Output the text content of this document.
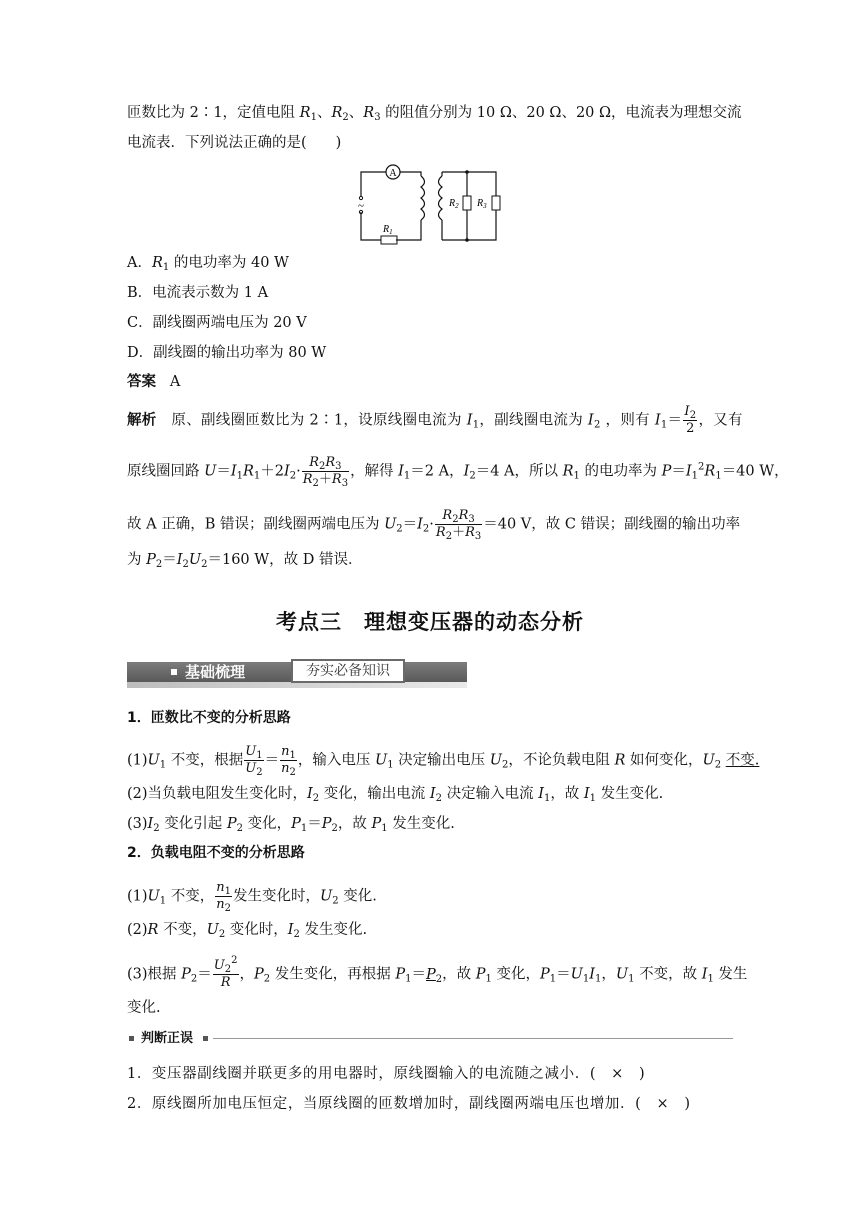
匝数比为 2∶1，定值电阻 $R_1$、$R_2$、$R_3$ 的阻值分别为 10 Ω、20 Ω、20 Ω，电流表为理想交流
电流表．下列说法正确的是(　　)
A
~
$R_1$
$R_2$ $R_3$
A．$R_1$ 的电功率为 40 W
B．电流表示数为 1 A
C．副线圈两端电压为 20 V
D．副线圈的输出功率为 80 W
答案 A
解析　原、副线圈匝数比为 2∶1，设原线圈电流为 $I_1$，副线圈电流为 $I_2$ ，则有 $I_1= \frac{I_2}{2}$ ，又有
原线圈回路 $U=I_1R_1+2I_2\cdot \frac{R_2R_3}{R_2+R_3}$ ，解得 $I_1=2$ A，$I_2=4$ A，所以 $R_1$ 的电功率为 $P=I_1^2R_1=40$ W，
故 A 正确，B 错误；副线圈两端电压为 $U_2=I_2\cdot \frac{R_2R_3}{R_2+R_3} =40$ V，故 C 错误；副线圈的输出功率
为 $P_2=I_2U_2=160$ W，故 D 错误．
考点三　理想变压器的动态分析
基础梳理	夯实必备知识
1．匝数比不变的分析思路
$(1)U_1$ 不变，根据 $\frac{U_1}{U_2} = \frac{n_1}{n_2}$ ，输入电压 $U_1$ 决定输出电压 $U_2$，不论负载电阻 R 如何变化，$U_2$ 不变.
(2)当负载电阻发生变化时，$I_2$ 变化，输出电流 $I_2$ 决定输入电流 $I_1$，故 $I_1$ 发生变化.
$(3)I_2$ 变化引起 $P_2$ 变化，$P_1=P_2$，故 $P_1$ 发生变化.
2．负载电阻不变的分析思路
$(1)U_1$ 不变， $\frac{n_1}{n_2}$ 发生变化时，$U_2$ 变化.
(2)R 不变，$U_2$ 变化时，$I_2$ 发生变化.
(3)根据 $P_2= \frac{U_2^2}{R}$ ，$P_2$ 发生变化，再根据 $P_1=P_2$，故 $P_1$ 变化，$P_1=U_1I_1$，$U_1$ 不变，故 $I_1$ 发生
变化.
判断正误
1．变压器副线圈并联更多的用电器时，原线圈输入的电流随之减小．(　×　)
2．原线圈所加电压恒定，当原线圈的匝数增加时，副线圈两端电压也增加．(　×　)
